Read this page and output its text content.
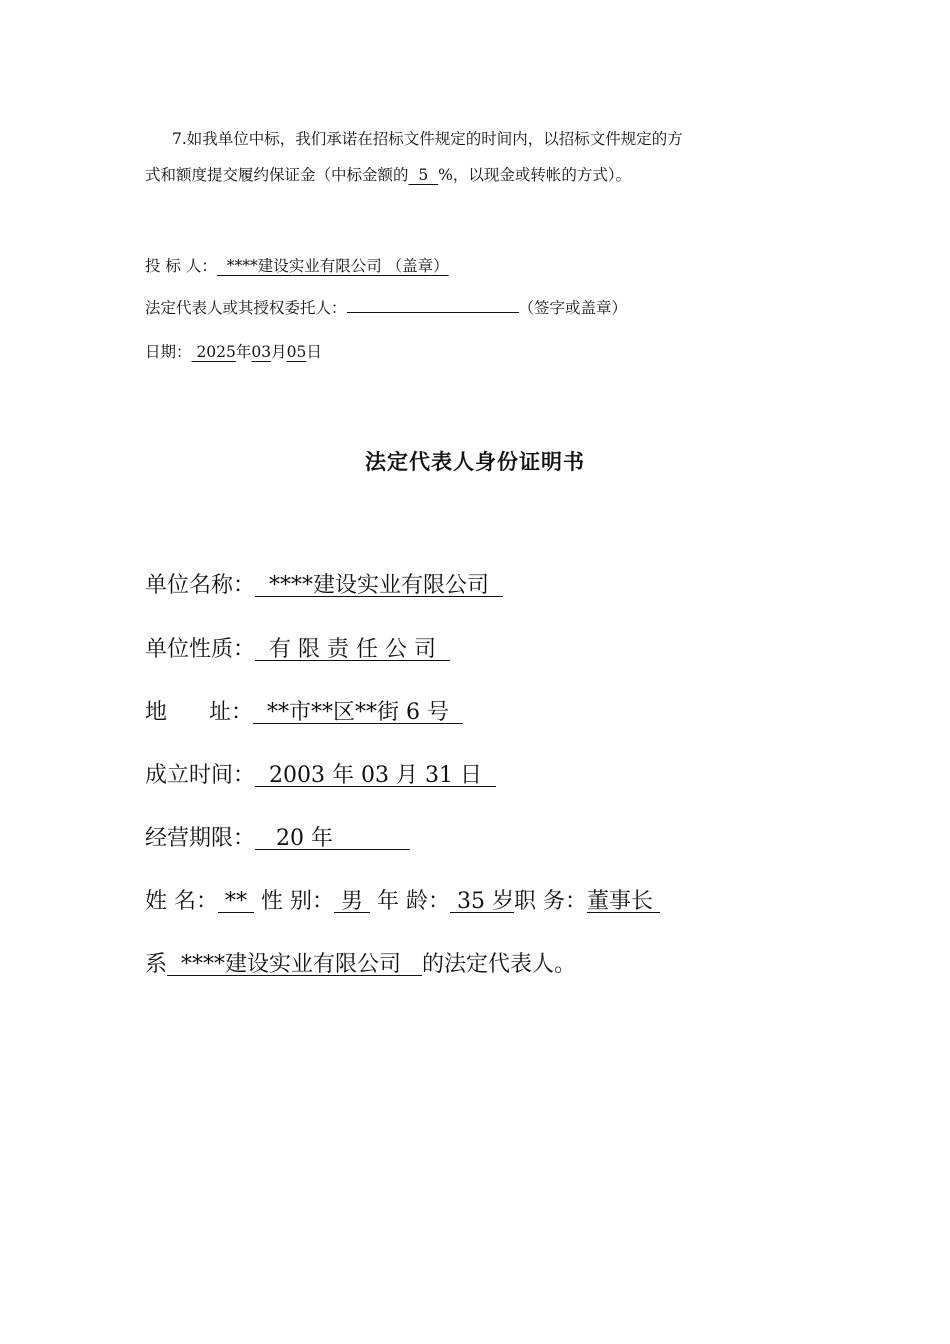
7.如我单位中标，我们承诺在招标文件规定的时间内，以招标文件规定的方
式和额度提交履约保证金（中标金额的  5  %，以现金或转帐的方式）。
投 标 人：  ****建设实业有限公司 （盖章）
法定代表人或其授权委托人：	（签字或盖章）
日期： 2025年03月05日
法定代表人身份证明书
单位名称：  ****建设实业有限公司
单位性质：  有 限 责 任 公 司
地      址：  **市**区**街 6 号
成立时间：  2003 年 03 月 31 日
经营期限：   20 年
姓 名： **  性 别： 男  年 龄： 35 岁职 务：董事长
系  ****建设实业有限公司   的法定代表人。
